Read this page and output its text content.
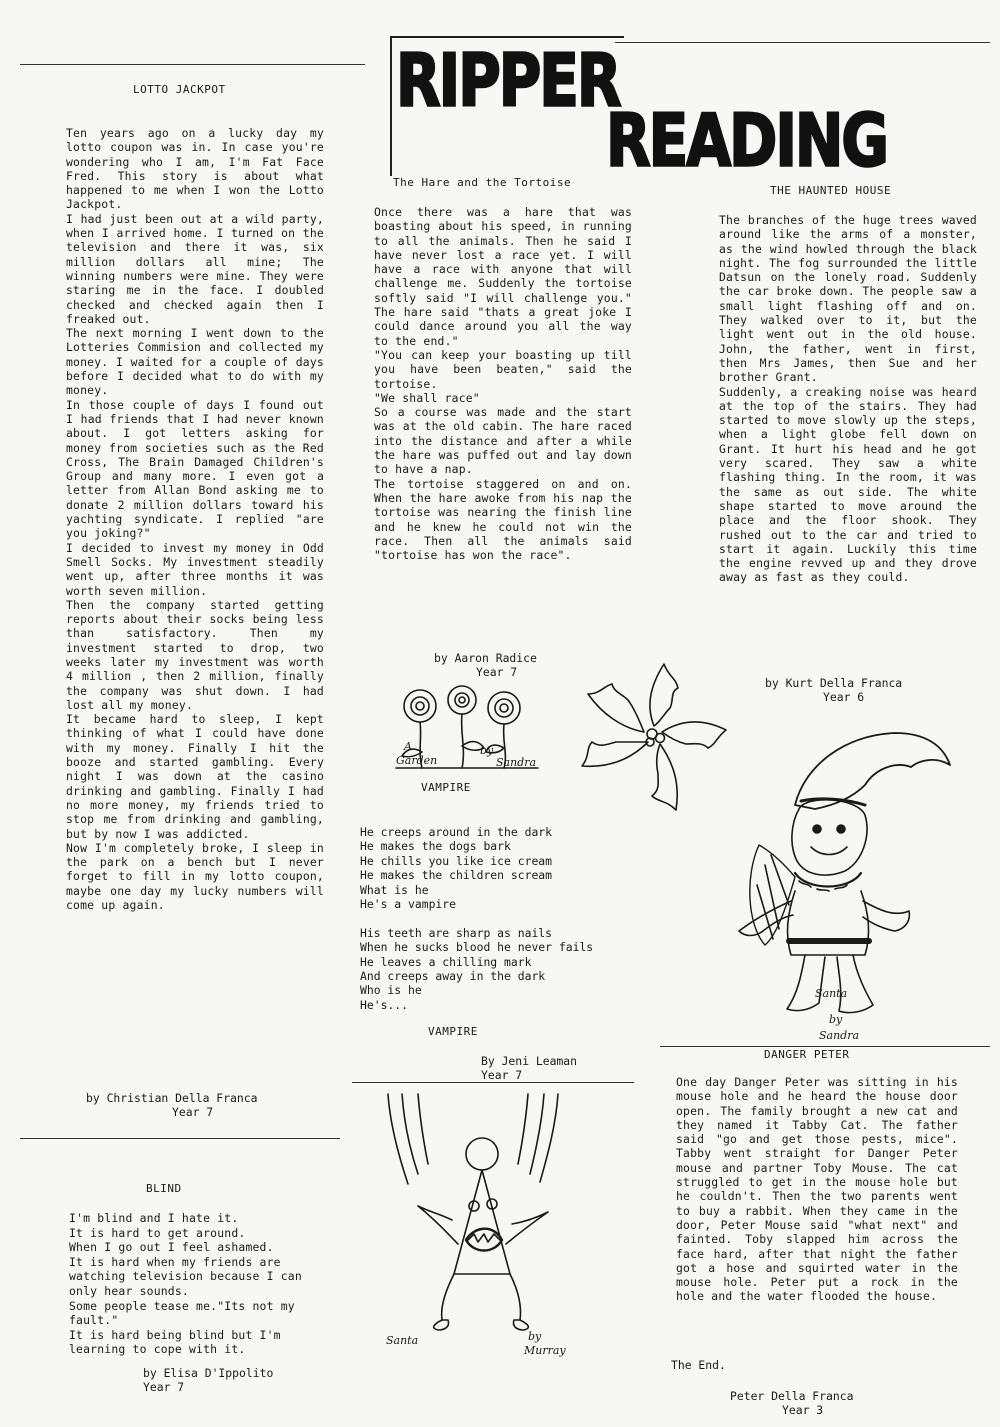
RIPPER
READING
LOTTO JACKPOT
Ten years ago on a lucky day my lotto coupon was in. In case you're wondering who I am, I'm Fat Face Fred. This story is about what happened to me when I won the Lotto Jackpot.
I had just been out at a wild party, when I arrived home. I turned on the television and there it was, six million dollars all mine; The winning numbers were mine. They were staring me in the face. I doubled checked and checked again then I freaked out.
The next morning I went down to the Lotteries Commision and collected my money. I waited for a couple of days before I decided what to do with my money.
In those couple of days I found out I had friends that I had never known about. I got letters asking for money from societies such as the Red Cross, The Brain Damaged Children's Group and many more. I even got a letter from Allan Bond asking me to donate 2 million dollars toward his yachting syndicate. I replied "are you joking?"
I decided to invest my money in Odd Smell Socks. My investment steadily went up, after three months it was worth seven million.
Then the company started getting reports about their socks being less than satisfactory. Then my investment started to drop, two weeks later my investment was worth 4 million , then 2 million, finally the company was shut down. I had lost all my money.
It became hard to sleep, I kept thinking of what I could have done with my money. Finally I hit the booze and started gambling. Every night I was down at the casino drinking and gambling. Finally I had no more money, my friends tried to stop me from drinking and gambling, but by now I was addicted.
Now I'm completely broke, I sleep in the park on a bench but I never forget to fill in my lotto coupon, maybe one day my lucky numbers will come up again.
by Christian Della Franca
Year 7
BLIND
I'm blind and I hate it.
It is hard to get around.
When I go out I feel ashamed.
It is hard when my friends are watching television because I can only hear sounds.
Some people tease me."Its not my fault."
It is hard being blind but I'm learning to cope with it.
by Elisa D'Ippolito
Year 7
The Hare and the Tortoise
Once there was a hare that was boasting about his speed, in running to all the animals. Then he said I have never lost a race yet. I will have a race with anyone that will challenge me. Suddenly the tortoise softly said "I will challenge you." The hare said "thats a great joke I could dance around you all the way to the end."
"You can keep your boasting up till you have been beaten," said the tortoise.
"We shall race"
So a course was made and the start was at the old cabin. The hare raced into the distance and after a while the hare was puffed out and lay down to have a nap.
The tortoise staggered on and on. When the hare awoke from his nap the tortoise was nearing the finish line and he knew he could not win the race. Then all the animals said "tortoise has won the race".
by Aaron Radice
Year 7
A
Garden
by
Sandra
VAMPIRE
He creeps around in the dark
He makes the dogs bark
He chills you like ice cream
He makes the children scream
What is he
He's a vampire

His teeth are sharp as nails
When he sucks blood he never fails
He leaves a chilling mark
And creeps away in the dark
Who is he
He's...
VAMPIRE
By Jeni Leaman
Year 7
Santa	by
Murray
THE HAUNTED HOUSE
The branches of the huge trees waved around like the arms of a monster, as the wind howled through the black night. The fog surrounded the little Datsun on the lonely road. Suddenly the car broke down. The people saw a small light flashing off and on. They walked over to it, but the light went out in the old house. John, the father, went in first, then Mrs James, then Sue and her brother Grant.
Suddenly, a creaking noise was heard at the top of the stairs. They had started to move slowly up the steps, when a light globe fell down on Grant. It hurt his head and he got very scared. They saw a white flashing thing. In the room, it was the same as out side. The white shape started to move around the place and the floor shook. They rushed out to the car and tried to start it again. Luckily this time the engine revved up and they drove away as fast as they could.
by Kurt Della Franca
Year 6
Santa
by
Sandra
DANGER PETER
One day Danger Peter was sitting in his mouse hole and he heard the house door open. The family brought a new cat and they named it Tabby Cat. The father said "go and get those pests, mice". Tabby went straight for Danger Peter mouse and partner Toby Mouse. The cat struggled to get in the mouse hole but he couldn't. Then the two parents went to buy a rabbit. When they came in the door, Peter Mouse said "what next" and fainted. Toby slapped him across the face hard, after that night the father got a hose and squirted water in the mouse hole. Peter put a rock in the hole and the water flooded the house.
The End.
Peter Della Franca
Year 3
